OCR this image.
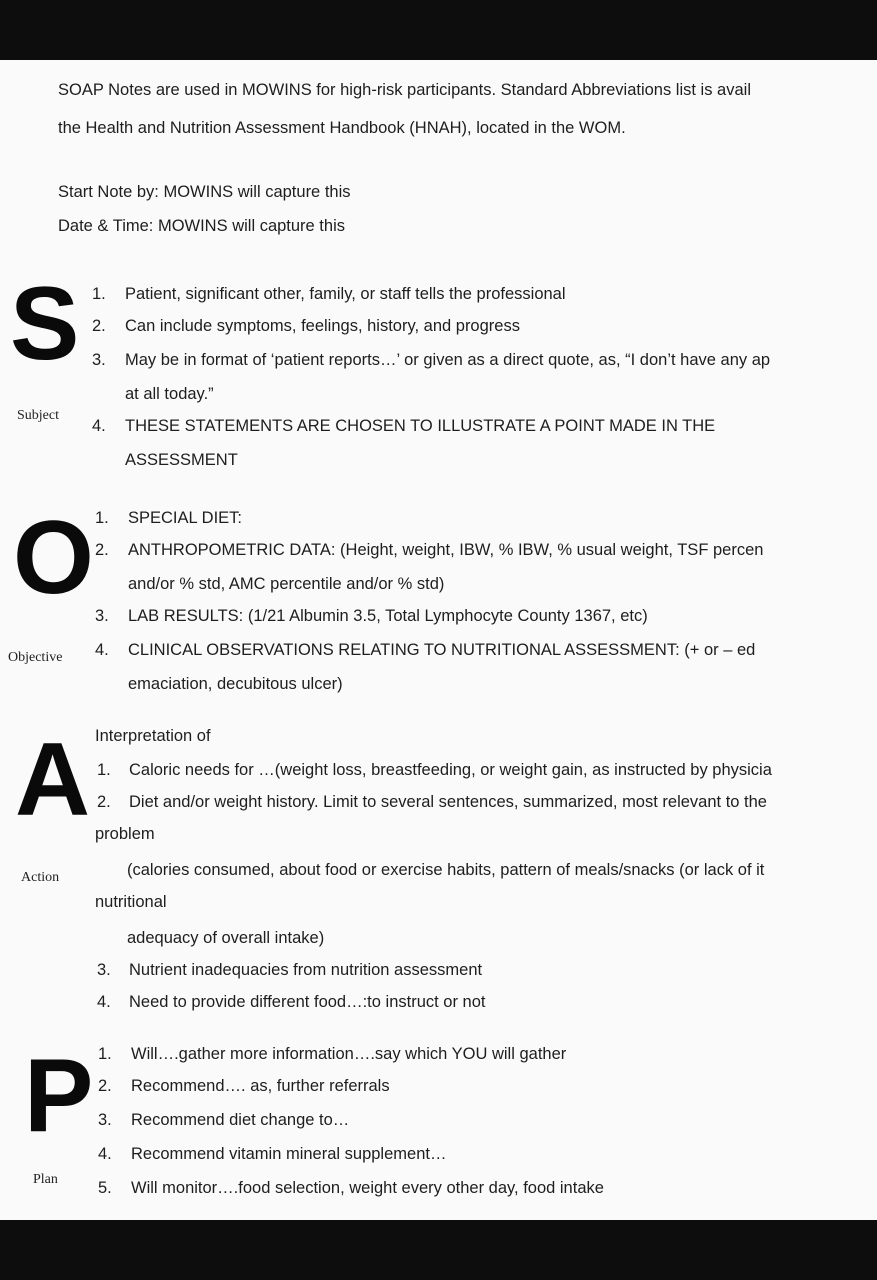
SOAP Notes are used in MOWINS for high-risk participants. Standard Abbreviations list is avail
the Health and Nutrition Assessment Handbook (HNAH), located in the WOM.
Start Note by: MOWINS will capture this
Date & Time: MOWINS will capture this
S
Subject
1. Patient, significant other, family, or staff tells the professional
2. Can include symptoms, feelings, history, and progress
3. May be in format of ‘patient reports…’ or given as a direct quote, as, “I don’t have any ap
at all today.”
4. THESE STATEMENTS ARE CHOSEN TO ILLUSTRATE A POINT MADE IN THE
ASSESSMENT
O
Objective
1. SPECIAL DIET:
2. ANTHROPOMETRIC DATA: (Height, weight, IBW, % IBW, % usual weight, TSF percen
and/or % std, AMC percentile and/or % std)
3. LAB RESULTS: (1/21 Albumin 3.5, Total Lymphocyte County 1367, etc)
4. CLINICAL OBSERVATIONS RELATING TO NUTRITIONAL ASSESSMENT: (+ or – ed
emaciation, decubitous ulcer)
A
Action
Interpretation of
1. Caloric needs for …(weight loss, breastfeeding, or weight gain, as instructed by physicia
2. Diet and/or weight history. Limit to several sentences, summarized, most relevant to the
problem
(calories consumed, about food or exercise habits, pattern of meals/snacks (or lack of it
nutritional
adequacy of overall intake)
3. Nutrient inadequacies from nutrition assessment
4. Need to provide different food…:to instruct or not
P
Plan
1. Will….gather more information….say which YOU will gather
2. Recommend…. as, further referrals
3. Recommend diet change to…
4. Recommend vitamin mineral supplement…
5. Will monitor….food selection, weight every other day, food intake
